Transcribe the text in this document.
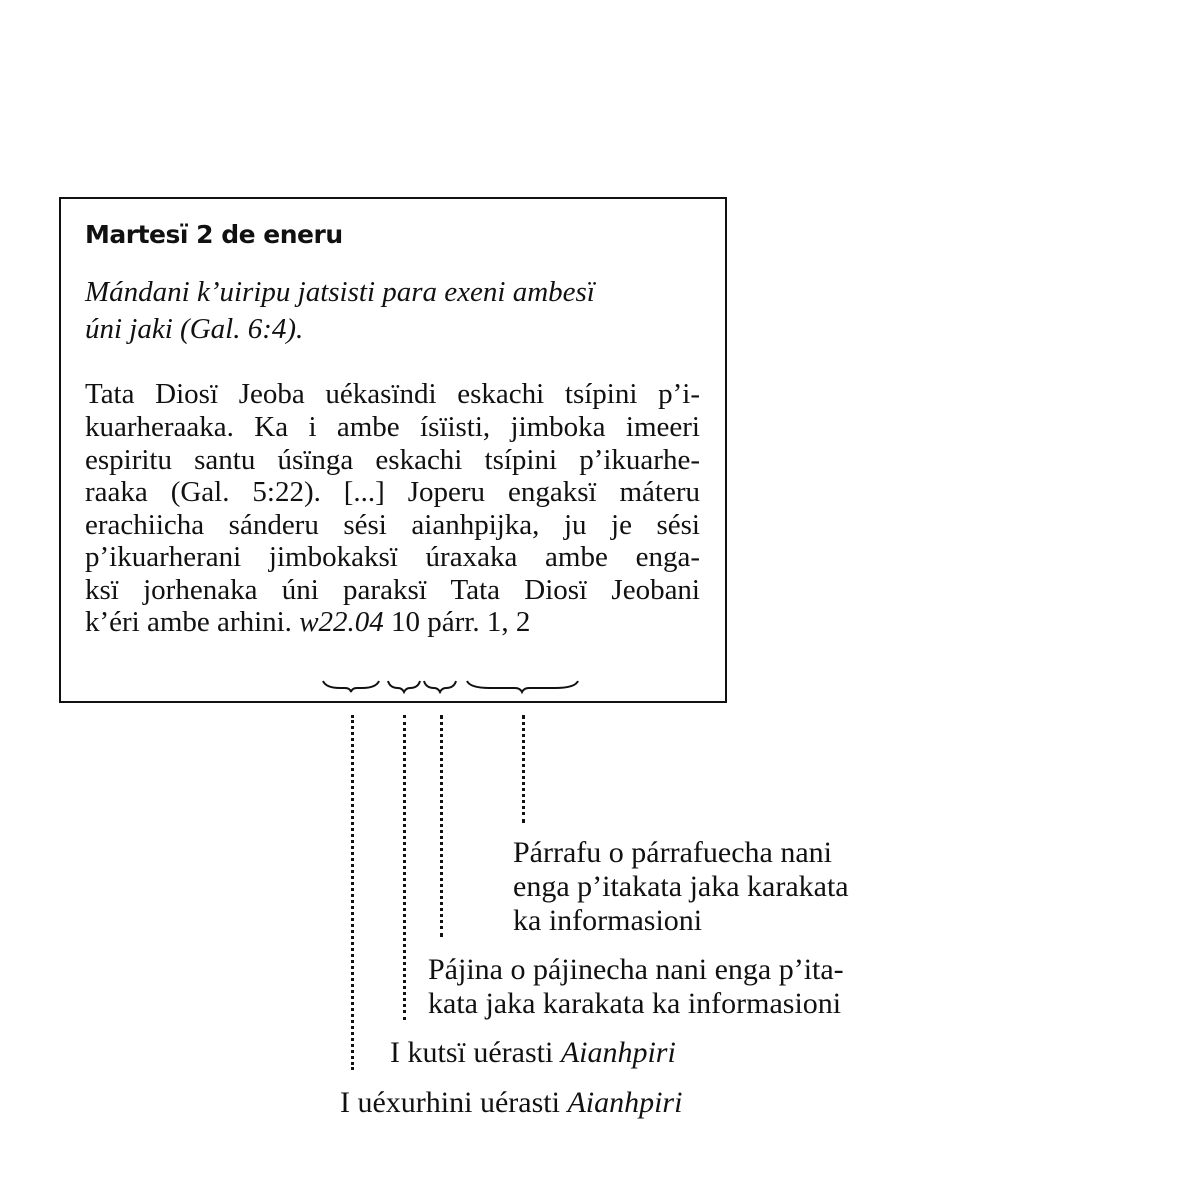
Martesï 2 de eneru
Mándani k’uiripu jatsisti para exeni ambesï
úni jaki (Gal. 6:4).
Tata Diosï Jeoba uékasïndi eskachi tsípini p’i-
kuarheraaka. Ka i ambe ísïisti, jimboka imeeri
espiritu santu úsïnga eskachi tsípini p’ikuarhe-
raaka (Gal. 5:22). [...] Joperu engaksï máteru
erachiicha sánderu sési aianhpijka, ju je sési
p’ikuarherani jimbokaksï úraxaka ambe enga-
ksï jorhenaka úni paraksï Tata Diosï Jeobani
k’éri ambe arhini. w22.04 10 párr. 1, 2
Párrafu o párrafuecha nani
enga p’itakata jaka karakata
ka informasioni
Pájina o pájinecha nani enga p’ita-
kata jaka karakata ka informasioni
I kutsï uérasti Aianhpiri
I uéxurhini uérasti Aianhpiri
